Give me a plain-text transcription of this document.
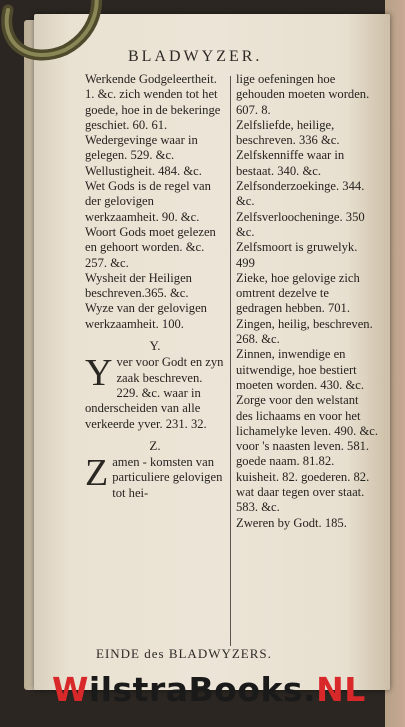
BLADWYZER.

Werkende Godgeleertheit. 1. &c. zich wenden tot het goede, hoe in de bekeringe geschiet. 60. 61.

Wedergevinge waar in gelegen. 529. &c.

Wellustigheit. 484. &c.

Wet Gods is de regel van der gelovigen werkzaamheit. 90. &c.

Woort Gods moet gelezen en gehoort worden. &c. 257. &c.

Wysheit der Heiligen beschreven.365. &c.

Wyze van der gelovigen werkzaamheit. 100.

Y.
Y ver voor Godt en zyn zaak beschreven. 229. &c. waar in onderscheiden van alle verkeerde yver. 231. 32.
Z.
Z amen - komsten van particuliere gelovigen tot hei-

lige oefeningen hoe gehouden moeten worden. 607. 8.

Zelfsliefde, heilige, beschreven. 336 &c.

Zelfskenniffe waar in bestaat. 340. &c.

Zelfsonderzoekinge. 344. &c.

Zelfsverloocheninge. 350 &c.

Zelfsmoort is gruwelyk. 499

Zieke, hoe gelovige zich omtrent dezelve te gedragen hebben. 701.

Zingen, heilig, beschreven. 268. &c.

Zinnen, inwendige en uitwendige, hoe bestiert moeten worden. 430. &c.

Zorge voor den welstant des lichaams en voor het lichamelyke leven. 490. &c. voor 's naasten leven. 581. goede naam. 81.82. kuisheit. 82. goederen. 82. wat daar tegen over staat. 583. &c.

Zweren by Godt. 185.

EINDE des BLADWYZERS.
WilstraBooks.NL
